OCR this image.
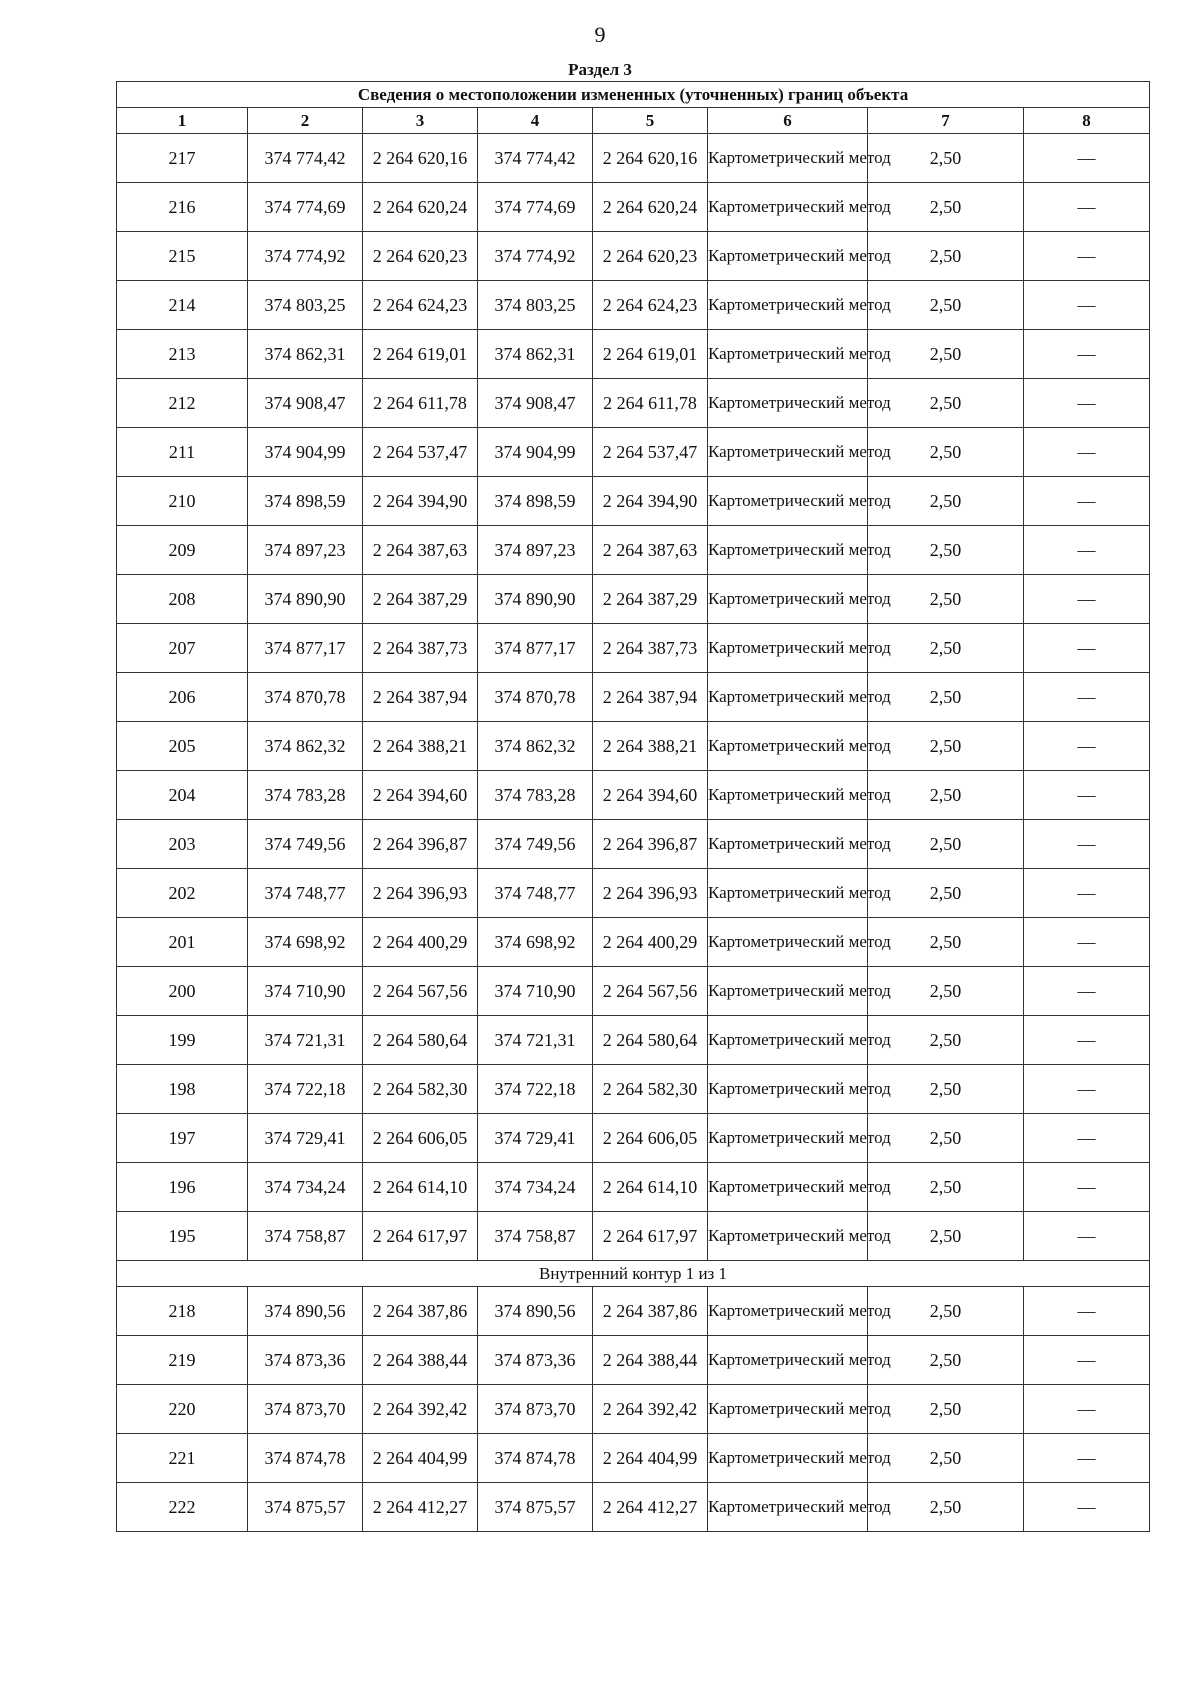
9
Раздел 3
Сведения о местоположении измененных (уточненных) границ объекта							
1	2	3	4	5	6	7	8
217	374 774,42	2 264 620,16	374 774,42	2 264 620,16	Картометрический метод	2,50	—
216	374 774,69	2 264 620,24	374 774,69	2 264 620,24	Картометрический метод	2,50	—
215	374 774,92	2 264 620,23	374 774,92	2 264 620,23	Картометрический метод	2,50	—
214	374 803,25	2 264 624,23	374 803,25	2 264 624,23	Картометрический метод	2,50	—
213	374 862,31	2 264 619,01	374 862,31	2 264 619,01	Картометрический метод	2,50	—
212	374 908,47	2 264 611,78	374 908,47	2 264 611,78	Картометрический метод	2,50	—
211	374 904,99	2 264 537,47	374 904,99	2 264 537,47	Картометрический метод	2,50	—
210	374 898,59	2 264 394,90	374 898,59	2 264 394,90	Картометрический метод	2,50	—
209	374 897,23	2 264 387,63	374 897,23	2 264 387,63	Картометрический метод	2,50	—
208	374 890,90	2 264 387,29	374 890,90	2 264 387,29	Картометрический метод	2,50	—
207	374 877,17	2 264 387,73	374 877,17	2 264 387,73	Картометрический метод	2,50	—
206	374 870,78	2 264 387,94	374 870,78	2 264 387,94	Картометрический метод	2,50	—
205	374 862,32	2 264 388,21	374 862,32	2 264 388,21	Картометрический метод	2,50	—
204	374 783,28	2 264 394,60	374 783,28	2 264 394,60	Картометрический метод	2,50	—
203	374 749,56	2 264 396,87	374 749,56	2 264 396,87	Картометрический метод	2,50	—
202	374 748,77	2 264 396,93	374 748,77	2 264 396,93	Картометрический метод	2,50	—
201	374 698,92	2 264 400,29	374 698,92	2 264 400,29	Картометрический метод	2,50	—
200	374 710,90	2 264 567,56	374 710,90	2 264 567,56	Картометрический метод	2,50	—
199	374 721,31	2 264 580,64	374 721,31	2 264 580,64	Картометрический метод	2,50	—
198	374 722,18	2 264 582,30	374 722,18	2 264 582,30	Картометрический метод	2,50	—
197	374 729,41	2 264 606,05	374 729,41	2 264 606,05	Картометрический метод	2,50	—
196	374 734,24	2 264 614,10	374 734,24	2 264 614,10	Картометрический метод	2,50	—
195	374 758,87	2 264 617,97	374 758,87	2 264 617,97	Картометрический метод	2,50	—
Внутренний контур 1 из 1							
218	374 890,56	2 264 387,86	374 890,56	2 264 387,86	Картометрический метод	2,50	—
219	374 873,36	2 264 388,44	374 873,36	2 264 388,44	Картометрический метод	2,50	—
220	374 873,70	2 264 392,42	374 873,70	2 264 392,42	Картометрический метод	2,50	—
221	374 874,78	2 264 404,99	374 874,78	2 264 404,99	Картометрический метод	2,50	—
222	374 875,57	2 264 412,27	374 875,57	2 264 412,27	Картометрический метод	2,50	—
